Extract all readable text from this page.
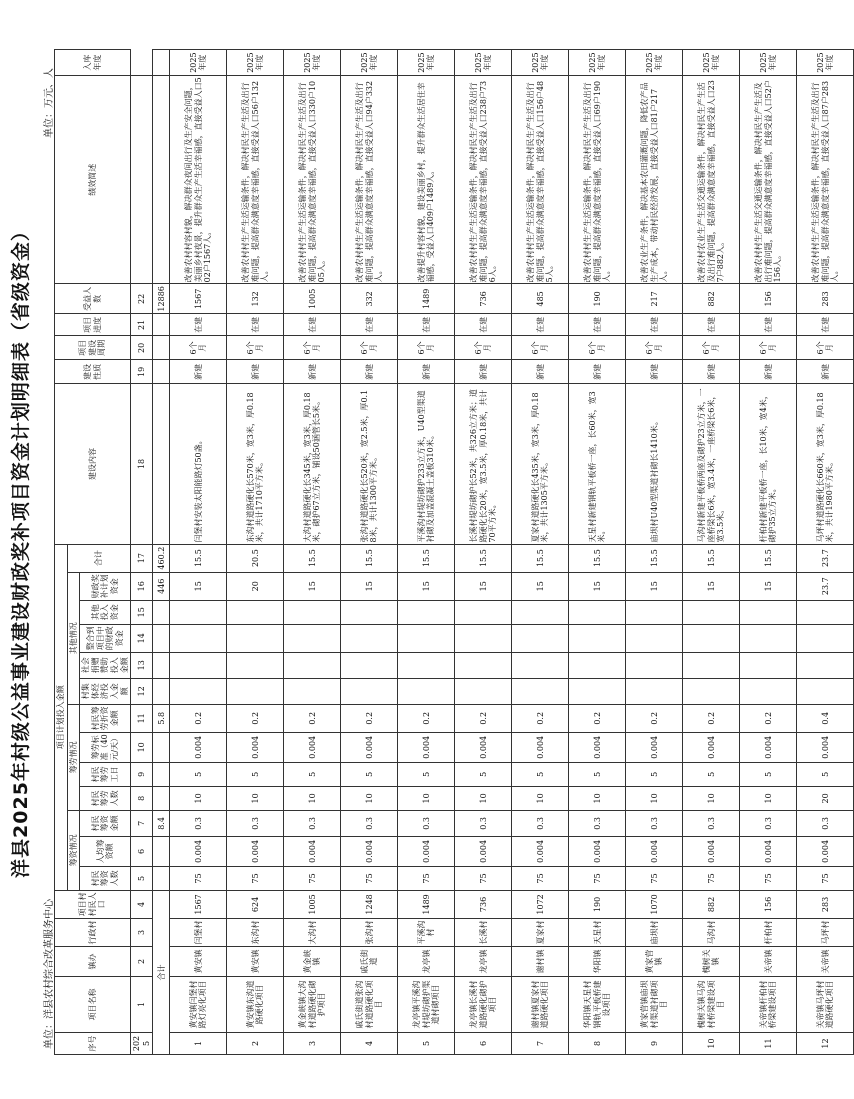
洋县2025年村级公益事业建设财政奖补项目资金计划明细表（省级资金）
单位：洋县农村综合改革服务中心
单位：万元、人
序号	项目名称	镇办	行政村	项目村村民人口	项目计划投入金额													建设内容	建设性质	项目建设周期	项目进度	受益人数	绩效简述	入库年度
					筹资情况			筹劳情况				其他情况					合计							
					村民筹资人数	人均筹资额	村民筹资金额	村民筹劳人数	村民筹劳工日	筹劳标准（40元/天）	村民筹劳折资金额	村集体经济投入金额	社会捐赠赞助投入金额	整合到项目中的财政资金	其他投入资金	财政奖补计划资金								

2025	1	2	3	4	5	6	7	8	9	10	11	12	13	14	15	16	17	18	19	20	21	22		
合计							8.4				5.8					446	460.2					12886		
1	黄安镇闫堡村路灯亮化项目	黄安镇	闫堡村	1567	75	0.004	0.3	10	5	0.004	0.2					15	15.5	闫堡村安装太阳能路灯50盏。	新建	6个月	在建	1567	改善农村村容村貌，解决群众夜间出行及生产安全问题，美丽乡村夜景，提升群众生产生活幸福感，直接受益人口502户1567人。	2025年度
2	黄安镇东沟道路硬化项目	黄安镇	东沟村	624	75	0.004	0.3	10	5	0.004	0.2					20	20.5	东沟村道路硬化长570米，宽3米，厚0.18米，共计1710平方米。	新建	6个月	在建	132	改善农村村生产生活运输条件，解决村民生产生活及出行难问题，提高群众满意度幸福感，直接受益人口56户132人。	2025年度
3	黄金峡镇大沟村道路硬化砌护项目	黄金峡镇	大沟村	1005	75	0.004	0.3	10	5	0.004	0.2					15	15.5	大沟村道路硬化长345米，宽3米，厚0.18米，砌护67立方米，铺设50涵管长5米。	新建	6个月	在建	1005	改善农村村生产生活运输条件，解决村民生产生活及出行难问题，提高群众满意度幸福感，直接受益人口330户1005人。	2025年度
4	戚氏街道张沟村道路硬化项目	戚氏街道	张沟村	1248	75	0.004	0.3	10	5	0.004	0.2					15	15.5	张沟村道路硬化长520米，宽2.5米，厚0.18米，共计1300平方米。	新建	6个月	在建	332	改善农村村生产生活运输条件，解决村民生产生活及出行难问题，提高群众满意度幸福感，直接受益人口94户332人。	2025年度
5	龙亭镇平溪沟村堤坊砌护渠道村砌项目	龙亭镇	平溪沟村	1489	75	0.004	0.3	10	5	0.004	0.2					15	15.5	平溪沟村堤坊砌护233立方米，U40型渠道衬砌及加盖混凝土盖板310米。	新建	6个月	在建	1489	改善提升村容村貌，建设美丽乡村，提升群众生活居住幸福感，受益人口409户1489人。	2025年度
6	龙亭镇长溪村道路硬化砌护项目	龙亭镇	长溪村	736	75	0.004	0.3	10	5	0.004	0.2					15	15.5	长溪村堤坊砌护长52米，共326立方米；道路硬化长20米，宽3.5米，厚0.18米，共计70平方米。	新建	6个月	在建	736	改善农村村生产生活运输条件，解决村民生产生活及出行难问题，提高群众满意度幸福感，直接受益人口238户736人。	2025年度
7	谢村镇夏家村道路硬化项目	谢村镇	夏家村	1072	75	0.004	0.3	10	5	0.004	0.2					15	15.5	夏家村道路硬化长435米，宽3米，厚0.18米，共计1305平方米。	新建	6个月	在建	485	改善农村村生产生活运输条件，解决村民生产生活及出行难问题，提高群众满意度幸福感，直接受益人口156户485人。	2025年度
8	华阳镇天星村钢轨平板桥建设项目	华阳镇	天星村	190	75	0.004	0.3	10	5	0.004	0.2					15	15.5	天星村新建钢轨平板桥一座，长60米，宽3米。	新建	6个月	在建	190	改善农村村生产生活运输条件，解决村民生产生活及出行难问题，提高群众满意度幸福感，直接受益人口69户190人。	2025年度
9	黄家营镇庙坝村渠道衬砌项目	黄家营镇	庙坝村	1070	75	0.004	0.3	10	5	0.004	0.2					15	15.5	庙坝村U40型渠道衬砌长1410米。	新建	6个月	在建	217	改善农业生产条件，解决基本农田灌溉问题，降低农产品生产成本，带动村民经济发展，直接受益人口81户217人。	2025年度
10	槐树关镇马沟村桥梁建设项目	槐树关镇	马沟村	882	75	0.004	0.3	10	5	0.004	0.2					15	15.5	马沟村新建平板桥两座及砌护23立方米，一座桥梁长6米，宽3.4米，一座桥梁长6米，宽3.5米。	新建	6个月	在建	882	改善农村农业生产生活交通运输条件，解决村民生产生活及出行难问题，提高群众满意度幸福感，直接受益人口237户882人。	2025年度
11	关帝镇杆柏村桥梁建设项目	关帝镇	杆柏村	156	75	0.004	0.3	10	5	0.004	0.2					15	15.5	杆柏村新建平板桥一座，长10米，宽4米，砌护35立方米。	新建	6个月	在建	156	改善农村村生产生活交通运输条件，解决村民生产生活及出行难问题，提高群众满意度幸福感，直接受益人口52户156人。	2025年度
12	关帝镇马坪村道路硬化项目	关帝镇	马坪村	283	75	0.004	0.3	20	5	0.004	0.4					23.7	23.7	马坪村道路硬化长660米，宽3米，厚0.18米，共计1980平方米。	新建	6个月	在建	283	改善农村村生产生活运输条件，解决村民生产生活及出行难问题，提高群众满意度幸福感，直接受益人口87户283人。	2025年度
